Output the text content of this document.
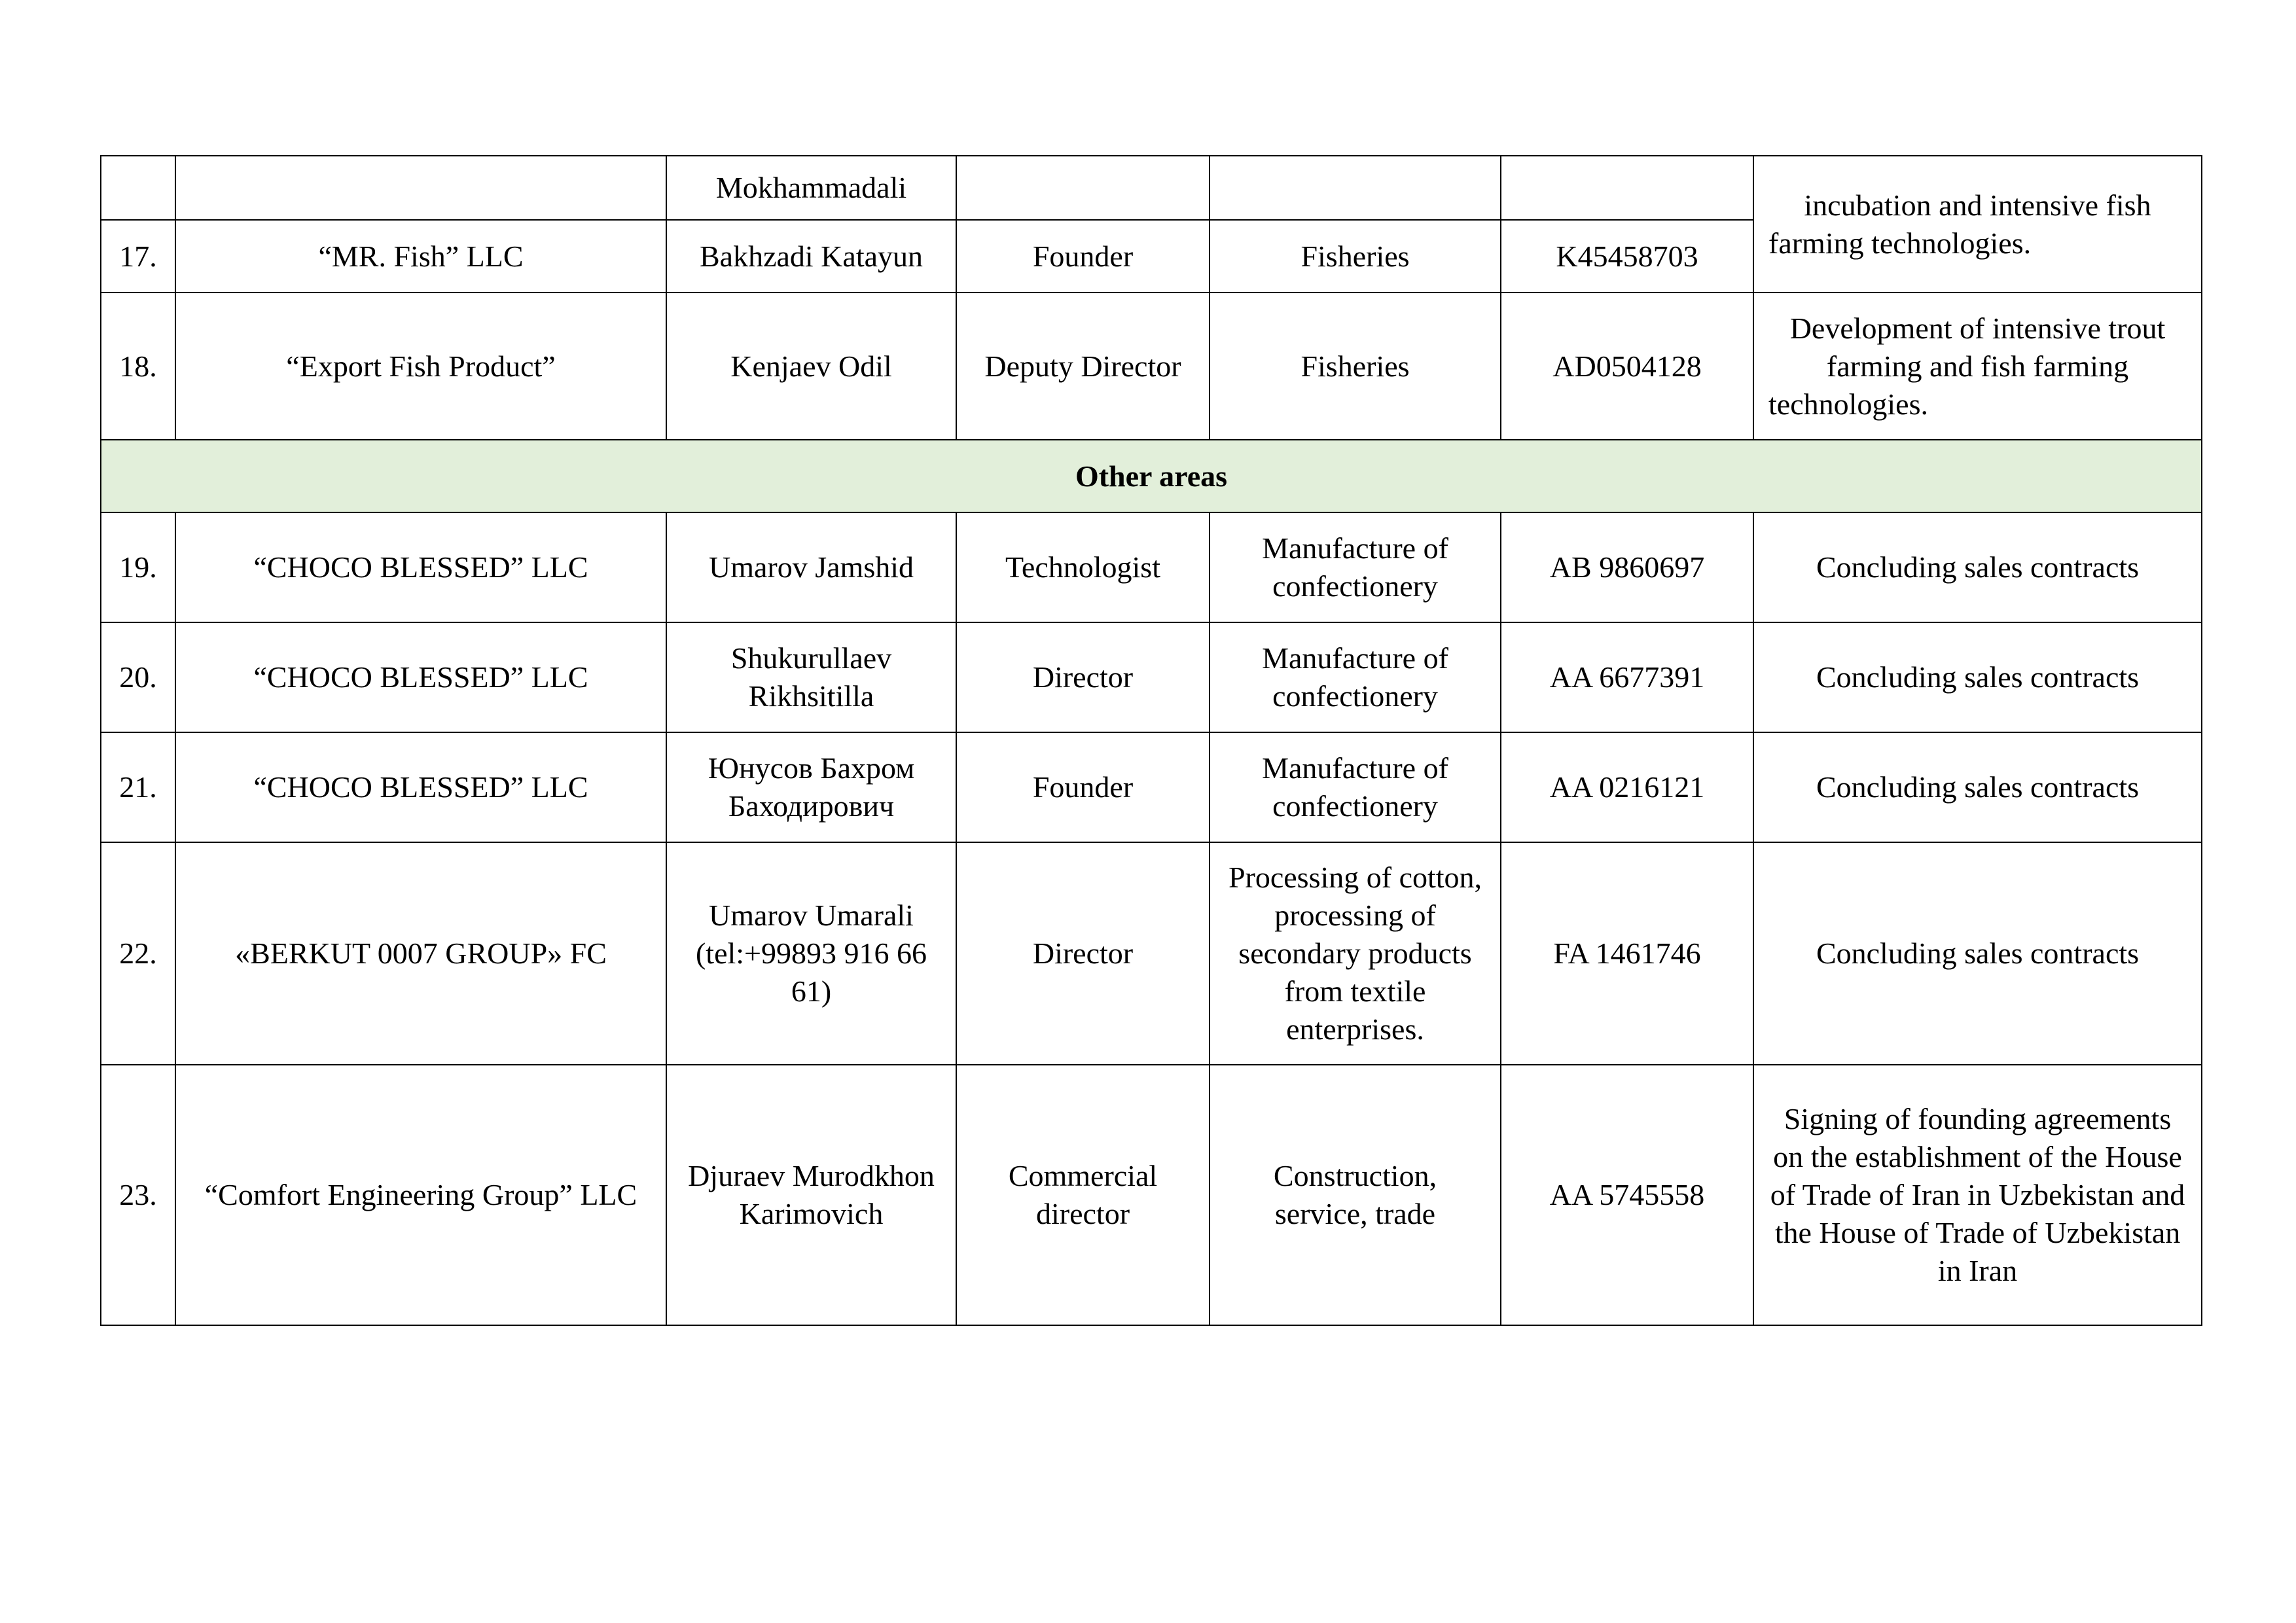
		Mokhammadali				incubation and intensive fish farming technologies.
17.	“MR. Fish” LLC	Bakhzadi Katayun	Founder	Fisheries	K45458703	
18.	“Export Fish Product”	Kenjaev Odil	Deputy Director	Fisheries	AD0504128	Development of intensive trout farming and fish farming technologies.
Other areas						
19.	“CHOCO BLESSED” LLC	Umarov Jamshid	Technologist	Manufacture of confectionery	AB 9860697	Concluding sales contracts
20.	“CHOCO BLESSED” LLC	Shukurullaev Rikhsitilla	Director	Manufacture of confectionery	AA 6677391	Concluding sales contracts
21.	“CHOCO BLESSED” LLC	Юнусов Бахром Баходирович	Founder	Manufacture of confectionery	AA 0216121	Concluding sales contracts
22.	«BERKUT 0007 GROUP» FC	Umarov Umarali (tel:+99893 916 66 61)	Director	Processing of cotton, processing of secondary products from textile enterprises.	FA 1461746	Concluding sales contracts
23.	“Comfort Engineering Group” LLC	Djuraev Murodkhon Karimovich	Commercial director	Construction, service, trade	AA 5745558	Signing of founding agreements on the establishment of the House of Trade of Iran in Uzbekistan and the House of Trade of Uzbekistan in Iran
